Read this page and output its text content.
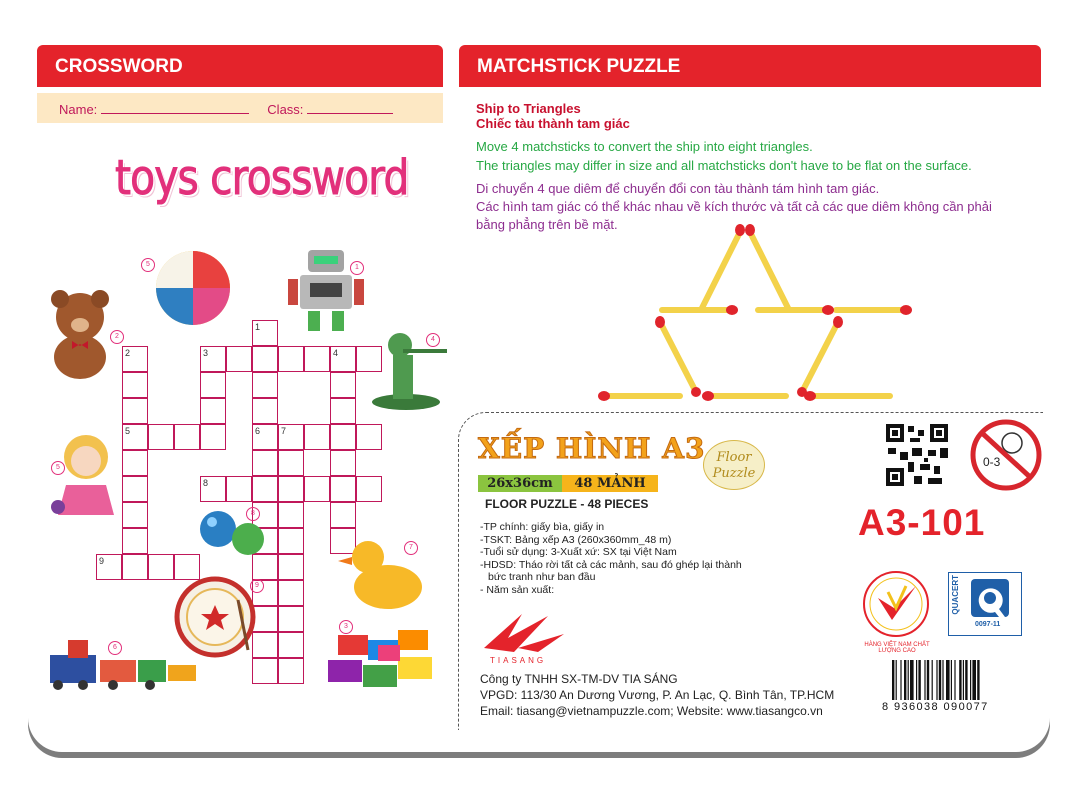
CROSSWORD
Name:	Class:
toys crossword
1
2	3	4
5	6 7
8
9
5	1
2	4
5
8
7
9
6
3
MATCHSTICK PUZZLE
Ship to Triangles
Chiếc tàu thành tam giác
Move 4 matchsticks to convert the ship into eight triangles.
The triangles may differ in size and all matchsticks don't have to be flat on the surface.
Di chuyển 4 que diêm để chuyển đổi con tàu thành tám hình tam giác.
Các hình tam giác có thể khác nhau về kích thước và tất cả các que diêm không cần phải
bằng phẳng trên bề mặt.
XẾP HÌNH A3 Floor Puzzle
26x36cm	48 MẢNH
FLOOR PUZZLE - 48 PIECES
-TP chính: giấy bìa, giấy in
-TSKT: Bảng xếp A3 (260x360mm_48 m)
-Tuổi sử dụng: 3-Xuất xứ: SX tại Việt Nam
-HDSD: Tháo rời tất cả các mảnh, sau đó ghép lại thành
bức tranh như ban đầu
- Năm sản xuất:
TIASANG
Công ty TNHH SX-TM-DV TIA SÁNG
VPGD: 113/30 An Dương Vương, P. An Lạc, Q. Bình Tân, TP.HCM
Email: tiasang@vietnampuzzle.com; Website: www.tiasangco.vn
0-3
A3-101
HÀNG VIỆT NAM CHẤT LƯỢNG CAO
QUACERT
0097-11
8 936038 090077
